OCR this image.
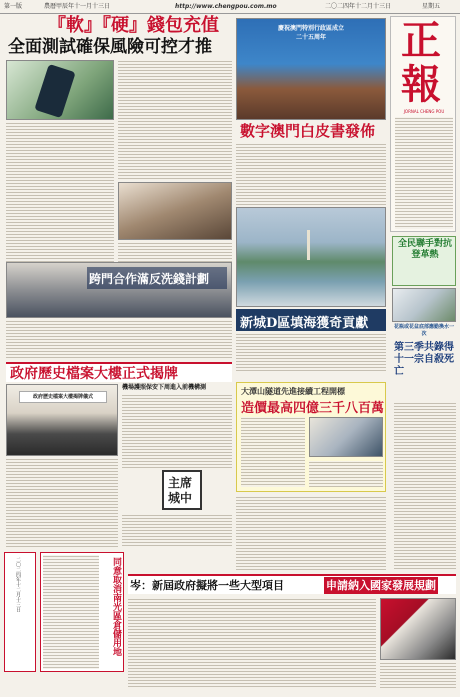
第一版	農曆甲辰年十一月十三日	http://www.chengpou.com.mo	二〇二四年十二月十三日	星期五
『軟』『硬』錢包充值
全面測試確保風險可控才推
慶祝澳門特別行政區成立
二十五周年
數字澳門白皮書發佈
正
報
JORNAL CHENG POU
跨門合作滿反洗錢計劃
新城D區填海獲奇貢獻
全民聯手對抗登革熱
花瓶或花盆底部應勤換水一次
第三季共錄得十一宗自殺死亡
政府歷史檔案大樓正式揭牌
政府歷史檔案大樓揭牌儀式
機場護照保安下周進入前機構測
主席
城中
大潭山隧道先進接續工程開標
造價最高四億三千八百萬
同意取消南光區倉儲用地
二〇二四年十二月十三日	岑：新屆政府擬將一些大型項目	申請納入國家發展規劃
